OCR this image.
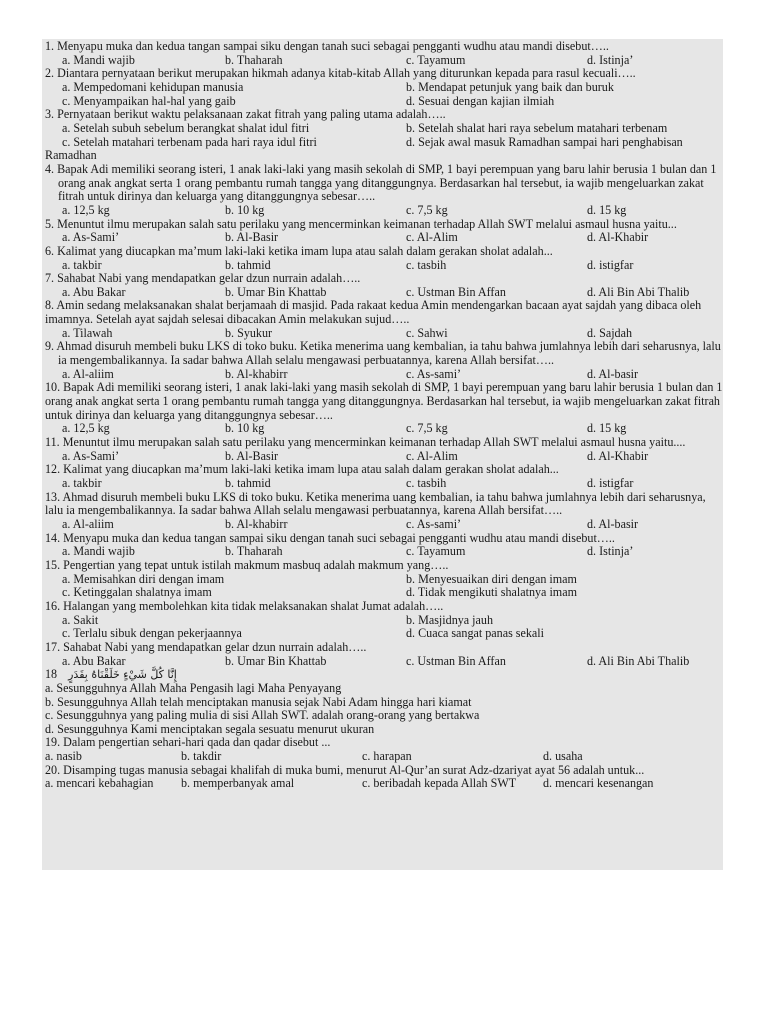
1. Menyapu muka dan kedua tangan sampai siku dengan tanah suci sebagai pengganti wudhu atau mandi disebut…..
a. Mandi wajib	b. Thaharah	c. Tayamum	d. Istinja’
2. Diantara pernyataan berikut merupakan hikmah adanya kitab-kitab Allah yang diturunkan kepada para rasul kecuali…..
a. Mempedomani kehidupan manusia	b. Mendapat petunjuk yang baik dan buruk
c. Menyampaikan hal-hal yang gaib	d. Sesuai dengan kajian ilmiah
3. Pernyataan berikut waktu pelaksanaan zakat fitrah yang paling utama adalah…..
a. Setelah subuh sebelum berangkat shalat idul fitri	b. Setelah shalat hari raya sebelum matahari terbenam
c. Setelah matahari terbenam pada hari raya idul fitri	d. Sejak awal masuk Ramadhan sampai hari penghabisan
Ramadhan
4. Bapak Adi memiliki seorang isteri, 1 anak laki-laki yang masih sekolah di SMP, 1 bayi perempuan yang baru lahir berusia 1 bulan dan 1 orang anak angkat serta 1 orang pembantu rumah tangga yang ditanggungnya. Berdasarkan hal tersebut, ia wajib mengeluarkan zakat fitrah untuk dirinya dan keluarga yang ditanggungnya sebesar…..
a. 12,5 kg	b. 10 kg	c. 7,5 kg	d. 15 kg
5. Menuntut ilmu merupakan salah satu perilaku yang mencerminkan keimanan terhadap Allah SWT melalui asmaul husna yaitu...
a. As-Sami’	b. Al-Basir	c. Al-Alim	d. Al-Khabir
6. Kalimat yang diucapkan ma’mum laki-laki ketika imam lupa atau salah dalam gerakan sholat adalah...
a. takbir	b. tahmid	c. tasbih	d. istigfar
7. Sahabat Nabi yang mendapatkan gelar dzun nurrain adalah…..
a. Abu Bakar	b. Umar Bin Khattab	c. Ustman Bin Affan	d. Ali Bin Abi Thalib
8. Amin sedang melaksanakan shalat berjamaah di masjid. Pada rakaat kedua Amin mendengarkan bacaan ayat sajdah yang dibaca oleh imamnya. Setelah ayat sajdah selesai dibacakan Amin melakukan sujud…..
a. Tilawah	b. Syukur	c. Sahwi	d. Sajdah
9. Ahmad disuruh membeli buku LKS di toko buku. Ketika menerima uang kembalian, ia tahu bahwa jumlahnya lebih dari seharusnya, lalu ia mengembalikannya. Ia sadar bahwa Allah selalu mengawasi perbuatannya, karena Allah bersifat…..
a. Al-aliim	b. Al-khabirr	c. As-sami’	d. Al-basir
10. Bapak Adi memiliki seorang isteri, 1 anak laki-laki yang masih sekolah di SMP, 1 bayi perempuan yang baru lahir berusia 1 bulan dan 1 orang anak angkat serta 1 orang pembantu rumah tangga yang ditanggungnya. Berdasarkan hal tersebut, ia wajib mengeluarkan zakat fitrah untuk dirinya dan keluarga yang ditanggungnya sebesar…..
a. 12,5 kg	b. 10 kg	c. 7,5 kg	d. 15 kg
11. Menuntut ilmu merupakan salah satu perilaku yang mencerminkan keimanan terhadap Allah SWT melalui asmaul husna yaitu....
a. As-Sami’	b. Al-Basir	c. Al-Alim	d. Al-Khabir
12. Kalimat yang diucapkan ma’mum laki-laki ketika imam lupa atau salah dalam gerakan sholat adalah...
a. takbir	b. tahmid	c. tasbih	d. istigfar
13. Ahmad disuruh membeli buku LKS di toko buku. Ketika menerima uang kembalian, ia tahu bahwa jumlahnya lebih dari seharusnya, lalu ia mengembalikannya. Ia sadar bahwa Allah selalu mengawasi perbuatannya, karena Allah bersifat…..
a. Al-aliim	b. Al-khabirr	c. As-sami’	d. Al-basir
14. Menyapu muka dan kedua tangan sampai siku dengan tanah suci sebagai pengganti wudhu atau mandi disebut…..
a. Mandi wajib	b. Thaharah	c. Tayamum	d. Istinja’
15. Pengertian yang tepat untuk istilah makmum masbuq adalah makmum yang…..
a. Memisahkan diri dengan imam	b. Menyesuaikan diri dengan imam
c. Ketinggalan shalatnya imam	d. Tidak mengikuti shalatnya imam
16. Halangan yang membolehkan kita tidak melaksanakan shalat Jumat adalah…..
a. Sakit	b. Masjidnya jauh
c. Terlalu sibuk dengan pekerjaannya	d. Cuaca sangat panas sekali
17. Sahabat Nabi yang mendapatkan gelar dzun nurrain adalah…..
a. Abu Bakar	b. Umar Bin Khattab	c. Ustman Bin Affan	d. Ali Bin Abi Thalib
18 إِنَّا كُلَّ شَيْءٍ خَلَقْنَاهُ بِقَدَرٍ
a. Sesungguhnya Allah Maha Pengasih lagi Maha Penyayang
b. Sesungguhnya Allah telah menciptakan manusia sejak Nabi Adam hingga hari kiamat
c. Sesungguhnya yang paling mulia di sisi Allah SWT. adalah orang-orang yang bertakwa
d. Sesungguhnya Kami menciptakan segala sesuatu menurut ukuran
19. Dalam pengertian sehari-hari qada dan qadar disebut ...
a. nasib	b. takdir	c. harapan	d. usaha
20. Disamping tugas manusia sebagai khalifah di muka bumi, menurut Al-Qur’an surat Adz-dzariyat ayat 56 adalah untuk...
a. mencari kebahagian	b. memperbanyak amal	c. beribadah kepada Allah SWT	d. mencari kesenangan
